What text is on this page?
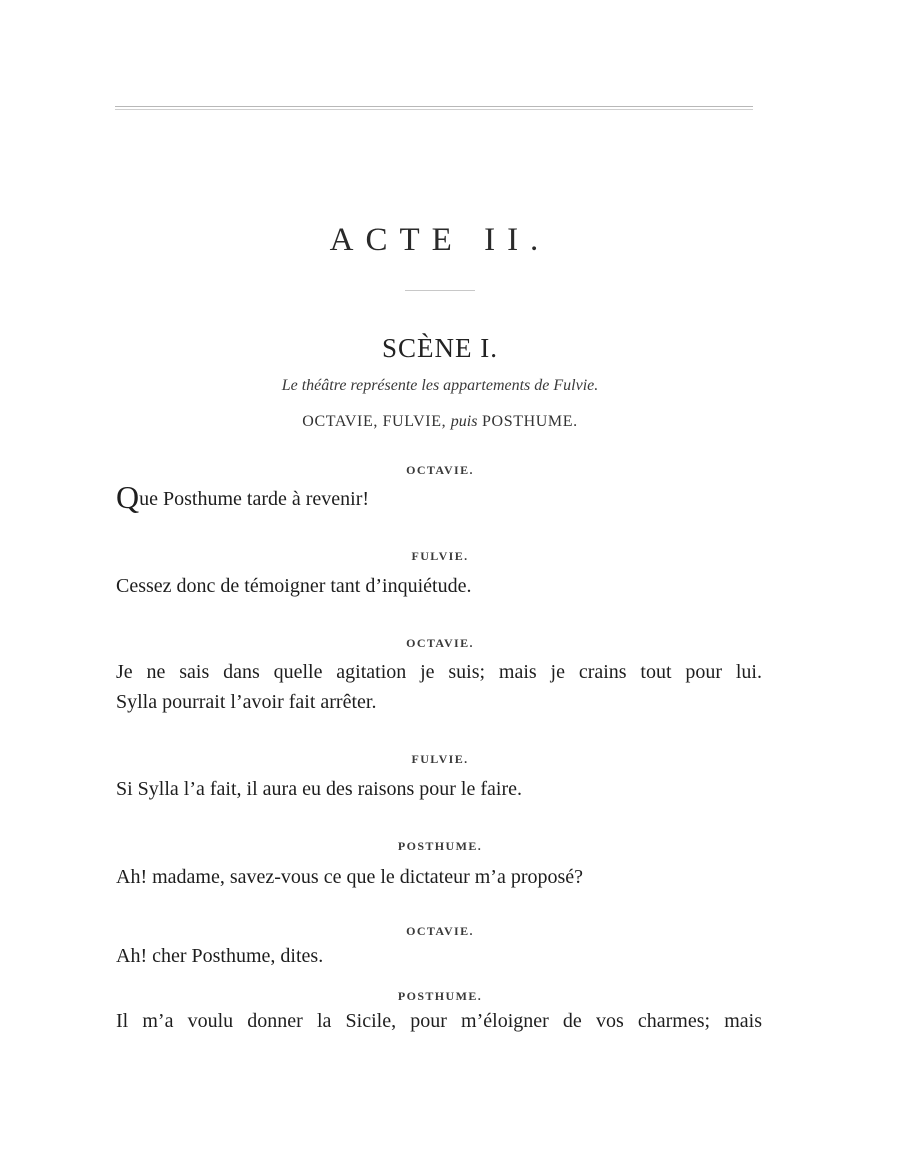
ACTE II.
SCÈNE I.
Le théâtre représente les appartements de Fulvie.
OCTAVIE, FULVIE, puis POSTHUME.
OCTAVIE.
Que Posthume tarde à revenir!
FULVIE.
Cessez donc de témoigner tant d’inquiétude.
OCTAVIE.
Je ne sais dans quelle agitation je suis; mais je crains tout pour lui.
Sylla pourrait l’avoir fait arrêter.
FULVIE.
Si Sylla l’a fait, il aura eu des raisons pour le faire.
POSTHUME.
Ah! madame, savez-vous ce que le dictateur m’a proposé?
OCTAVIE.
Ah! cher Posthume, dites.
POSTHUME.
Il m’a voulu donner la Sicile, pour m’éloigner de vos charmes; mais
